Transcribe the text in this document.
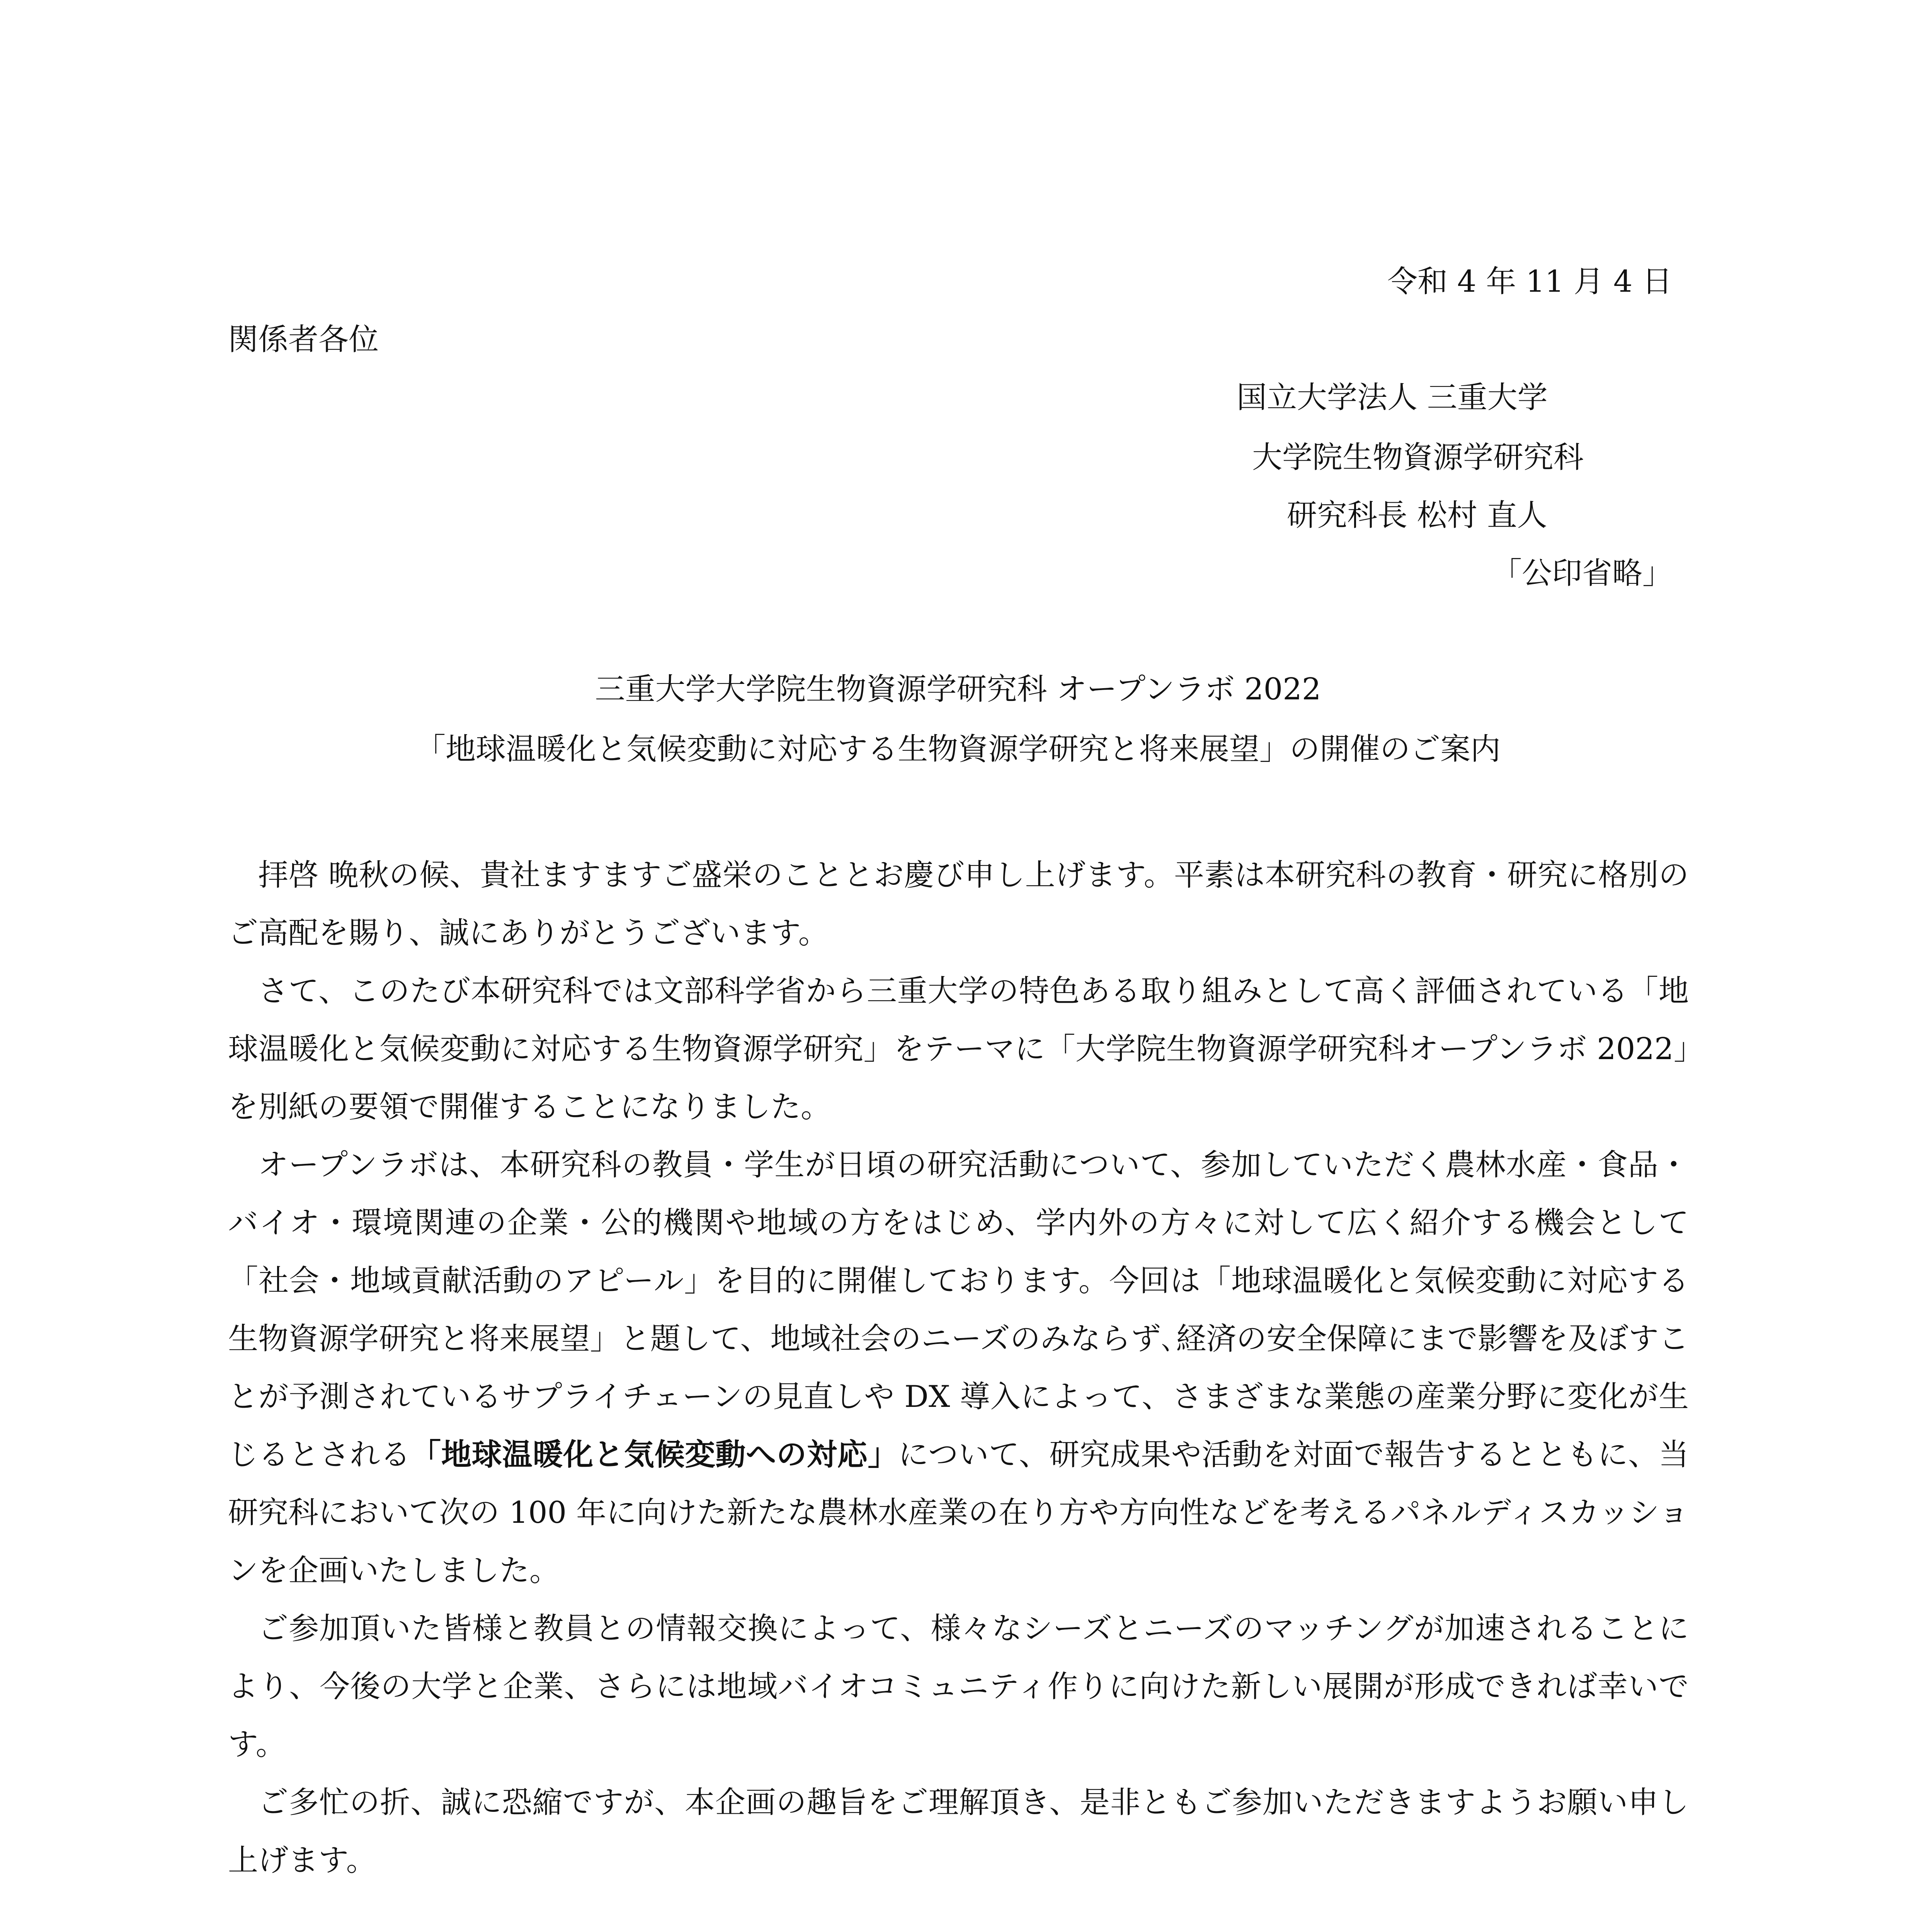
令和 4 年 11 月 4 日
関係者各位
国立大学法人 三重大学
大学院生物資源学研究科
研究科長 松村 直人
「公印省略」
三重大学大学院生物資源学研究科 オープンラボ 2022
「地球温暖化と気候変動に対応する生物資源学研究と将来展望」の開催のご案内

拝啓 晩秋の候、貴社ますますご盛栄のこととお慶び申し上げます。平素は本研究科の教育・研究に格別のご高配を賜り、誠にありがとうございます。

さて、このたび本研究科では文部科学省から三重大学の特色ある取り組みとして高く評価されている「地球温暖化と気候変動に対応する生物資源学研究」をテーマに「大学院生物資源学研究科オープンラボ 2022」を別紙の要領で開催することになりました。

オープンラボは、本研究科の教員・学生が日頃の研究活動について、参加していただく農林水産・食品・バイオ・環境関連の企業・公的機関や地域の方をはじめ、学内外の方々に対して広く紹介する機会として「社会・地域貢献活動のアピール」を目的に開催しております。今回は「地球温暖化と気候変動に対応する生物資源学研究と将来展望」と題して、地域社会のニーズのみならず､経済の安全保障にまで影響を及ぼすことが予測されているサプライチェーンの見直しや DX 導入によって、さまざまな業態の産業分野に変化が生じるとされる「地球温暖化と気候変動への対応」について、研究成果や活動を対面で報告するとともに、当研究科において次の 100 年に向けた新たな農林水産業の在り方や方向性などを考えるパネルディスカッションを企画いたしました。

ご参加頂いた皆様と教員との情報交換によって、様々なシーズとニーズのマッチングが加速されることにより、今後の大学と企業、さらには地域バイオコミュニティ作りに向けた新しい展開が形成できれば幸いです。

ご多忙の折、誠に恐縮ですが、本企画の趣旨をご理解頂き、是非ともご参加いただきますようお願い申し上げます。
